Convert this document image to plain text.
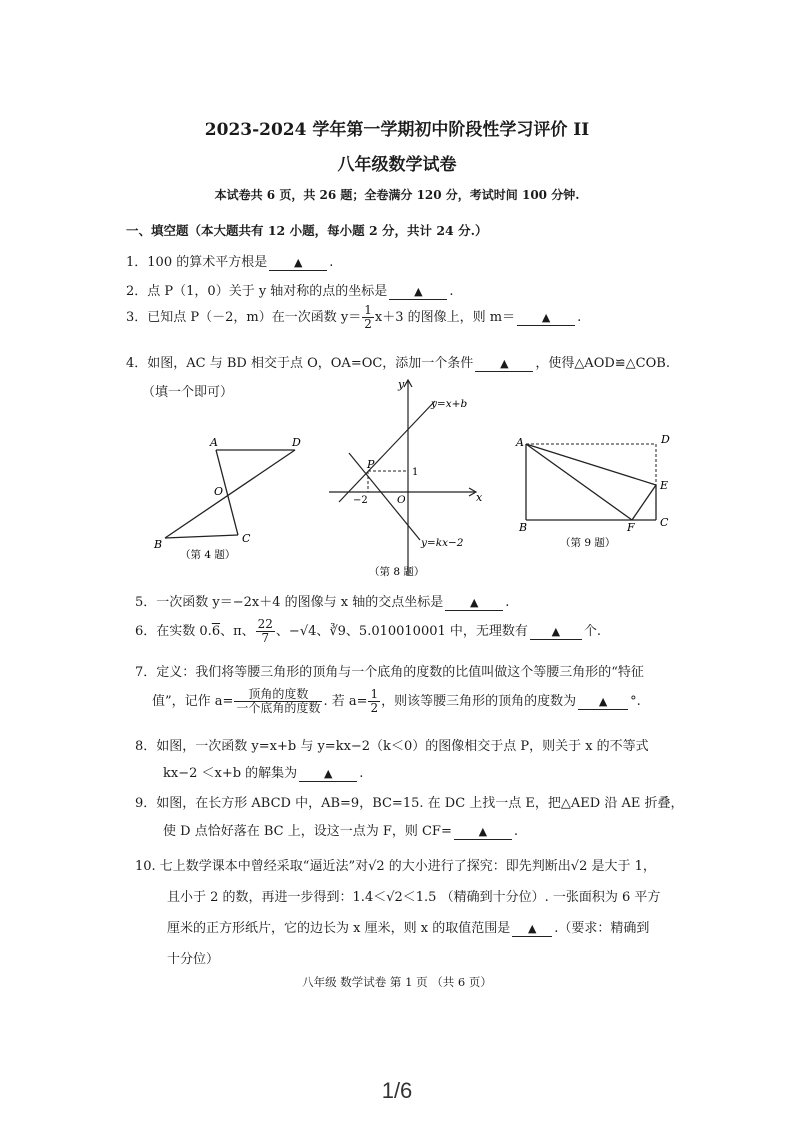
2023-2024 学年第一学期初中阶段性学习评价 II
八年级数学试卷
本试卷共 6 页，共 26 题；全卷满分 120 分，考试时间 100 分钟.
一、填空题（本大题共有 12 小题，每小题 2 分，共计 24 分.）
1．100 的算术平方根是 ▲ .
2．点 P（1，0）关于 y 轴对称的点的坐标是 ▲ .
3．已知点 P（－2，m）在一次函数 $y= \frac{1}{2} x+3$ 的图像上，则 m＝ ▲ .
4．如图，AC 与 BD 相交于点 O，OA=OC，添加一个条件 ▲ ，使得△AOD≌△COB.
（填一个即可）
A	D
O
B	C
（第 4 题）
y
x
O
P
1
−2
y=x+b
y=kx−2
（第 8 题）
A	D
E
B	F C
（第 9 题）
5．一次函数 y＝−2x＋4 的图像与 x 轴的交点坐标是 ▲ .
6．在实数 0.6、π、 $\frac{22}{7}$ 、−√4、∛9、5.010010001 中，无理数有 ▲ 个.
7．定义：我们将等腰三角形的顶角与一个底角的度数的比值叫做这个等腰三角形的“特征
值”，记作 $a= \frac{\text{顶角的度数}}{\text{一个底角的度数}}$ . 若 $a= \frac{1}{2}$ ，则该等腰三角形的顶角的度数为 ▲ °.
8．如图，一次函数 y=x+b 与 y=kx−2（k＜0）的图像相交于点 P，则关于 x 的不等式
kx−2 ＜x+b 的解集为 ▲ .
9．如图，在长方形 ABCD 中，AB=9，BC=15. 在 DC 上找一点 E，把△AED 沿 AE 折叠，
使 D 点恰好落在 BC 上，设这一点为 F，则 CF= ▲ .
10. 七上数学课本中曾经采取“逼近法”对√2 的大小进行了探究：即先判断出√2 是大于 1，
且小于 2 的数，再进一步得到：1.4＜√2＜1.5 （精确到十分位）. 一张面积为 6 平方
厘米的正方形纸片，它的边长为 x 厘米，则 x 的取值范围是 ▲ .（要求：精确到
十分位）
八年级 数学试卷 第 1 页 （共 6 页）
1/6
